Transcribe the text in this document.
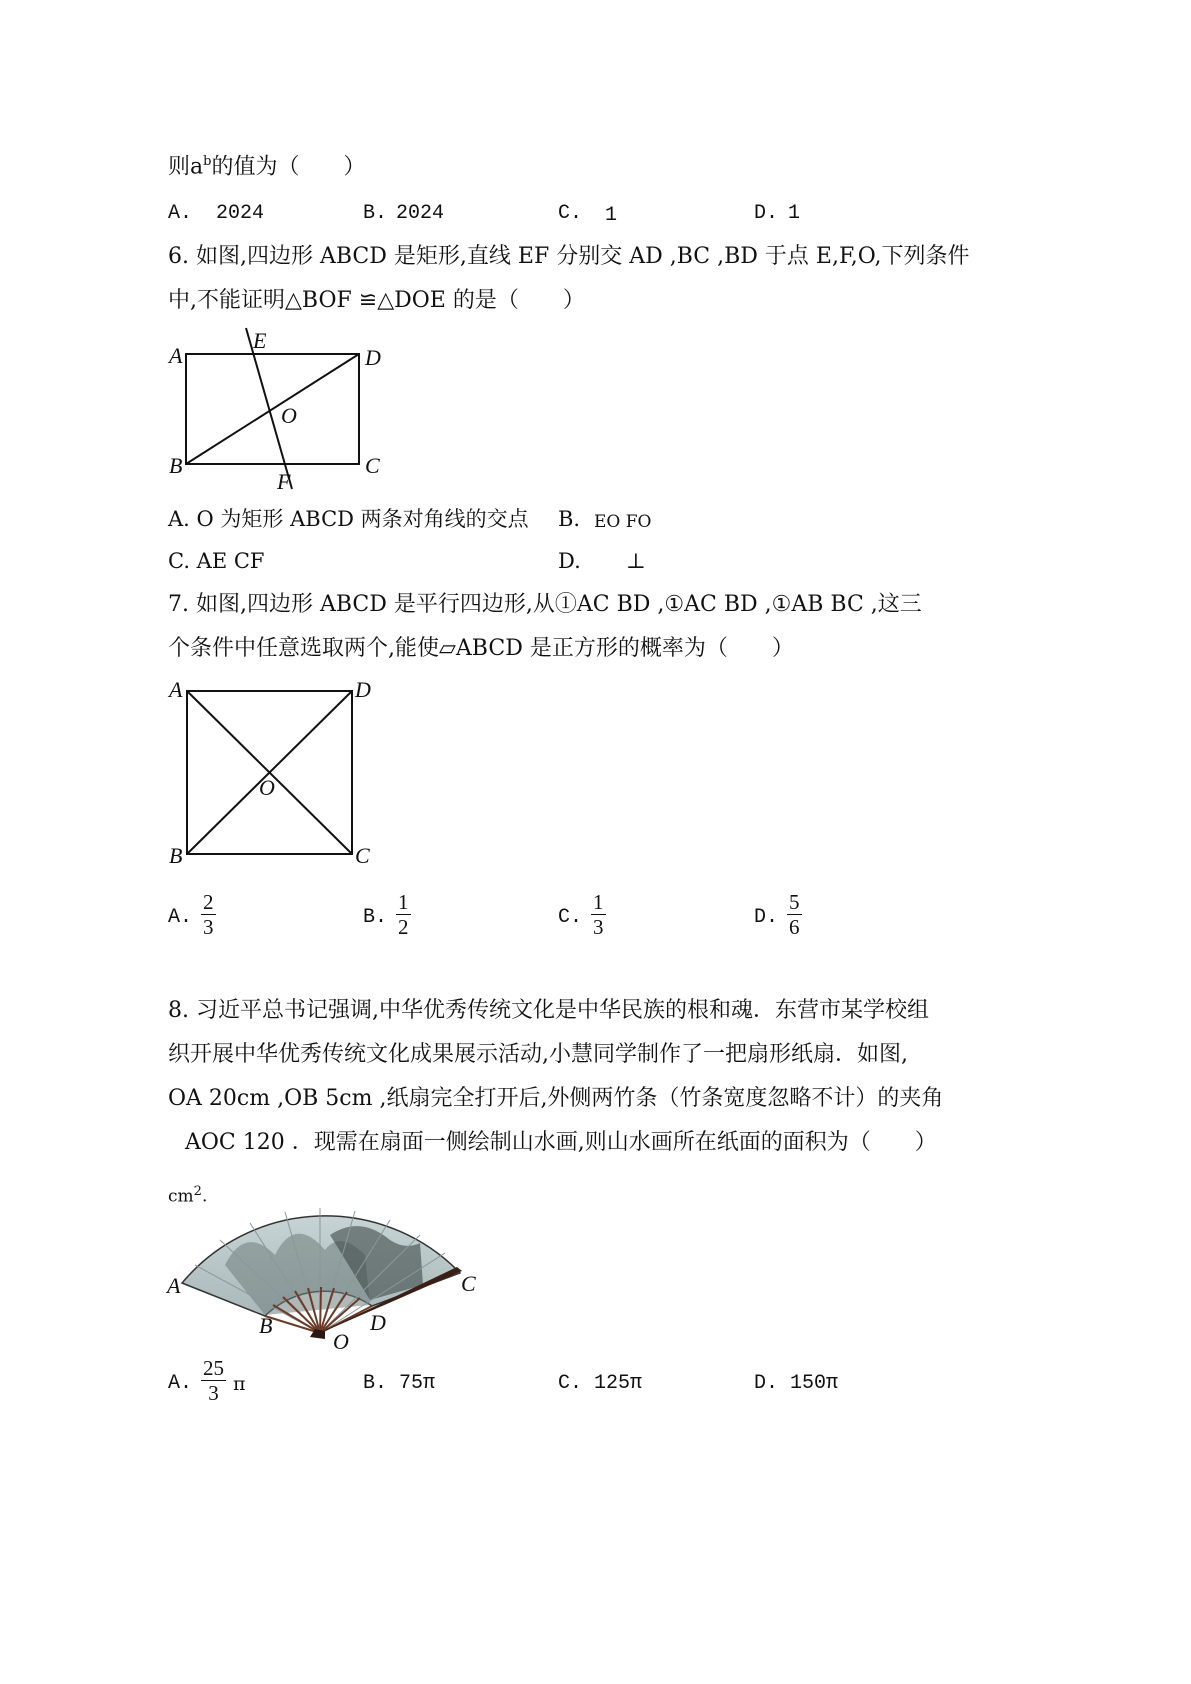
则$a^b$的值为（　　）
A. 2024	B. 2024	C. 1	D. 1
6. 如图,四边形 ABCD 是矩形,直线 EF 分别交 AD ,BC ,BD 于点 E,F,O,下列条件
中,不能证明△BOF ≌△DOE 的是（　　）
A
E
D
O
B	C
F
A. O 为矩形 ABCD 两条对角线的交点 B. EO FO
C. AE CF	D. ⊥
7. 如图,四边形 ABCD 是平行四边形,从①AC BD ,①AC BD ,①AB BC ,这三
个条件中任意选取两个,能使▱ABCD 是正方形的概率为（　　）
A	D
O
B	C
A. $\frac{2}{3}$	B. $\frac{1}{2}$	C. $\frac{1}{3}$	D. $\frac{5}{6}$
8. 习近平总书记强调,中华优秀传统文化是中华民族的根和魂．东营市某学校组
织开展中华优秀传统文化成果展示活动,小慧同学制作了一把扇形纸扇．如图,
OA 20cm ,OB 5cm ,纸扇完全打开后,外侧两竹条（竹条宽度忽略不计）的夹角
AOC 120 ．现需在扇面一侧绘制山水画,则山水画所在纸面的面积为（　　）
$cm^2$.
A	C
B	D
O
A. $\frac{25}{3}$ π	B. 75π	C. 125π	D. 150π
